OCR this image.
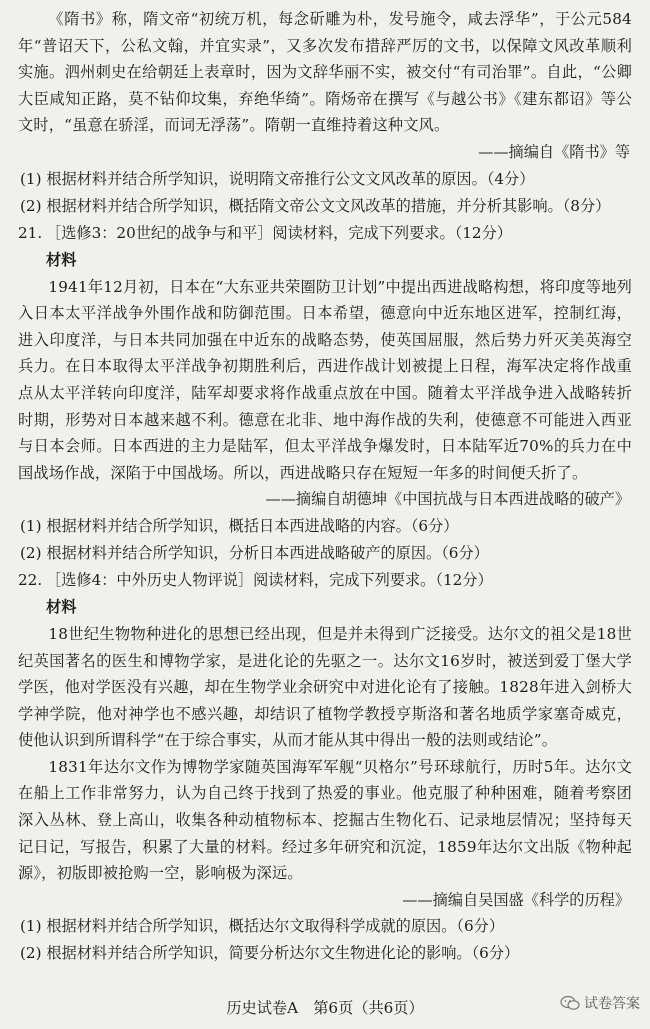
《隋书》称，隋文帝“初统万机，每念斫雕为朴，发号施令，咸去浮华”，于公元584年“普诏天下，公私文翰，并宜实录”，又多次发布措辞严厉的文书，以保障文风改革顺利实施。泗州刺史在给朝廷上表章时，因为文辞华丽不实，被交付“有司治罪”。自此，“公卿大臣咸知正路，莫不钻仰坟集，弃绝华绮”。隋炀帝在撰写《与越公书》《建东都诏》等公文时，“虽意在骄淫，而词无浮荡”。隋朝一直维持着这种文风。

——摘编自《隋书》等

(1) 根据材料并结合所学知识，说明隋文帝推行公文文风改革的原因。（4分）

(2) 根据材料并结合所学知识，概括隋文帝公文文风改革的措施，并分析其影响。（8分）

21. ［选修3：20世纪的战争与和平］阅读材料，完成下列要求。（12分）

材料

1941年12月初，日本在“大东亚共荣圈防卫计划”中提出西进战略构想，将印度等地列入日本太平洋战争外围作战和防御范围。日本希望，德意向中近东地区进军，控制红海，进入印度洋，与日本共同加强在中近东的战略态势，使英国屈服，然后势力歼灭美英海空兵力。在日本取得太平洋战争初期胜利后，西进作战计划被提上日程，海军决定将作战重点从太平洋转向印度洋，陆军却要求将作战重点放在中国。随着太平洋战争进入战略转折时期，形势对日本越来越不利。德意在北非、地中海作战的失利，使德意不可能进入西亚与日本会师。日本西进的主力是陆军，但太平洋战争爆发时，日本陆军近70%的兵力在中国战场作战，深陷于中国战场。所以，西进战略只存在短短一年多的时间便夭折了。

——摘编自胡德坤《中国抗战与日本西进战略的破产》

(1) 根据材料并结合所学知识，概括日本西进战略的内容。（6分）

(2) 根据材料并结合所学知识，分析日本西进战略破产的原因。（6分）

22. ［选修4：中外历史人物评说］阅读材料，完成下列要求。（12分）

材料

18世纪生物物种进化的思想已经出现，但是并未得到广泛接受。达尔文的祖父是18世纪英国著名的医生和博物学家，是进化论的先驱之一。达尔文16岁时，被送到爱丁堡大学学医，他对学医没有兴趣，却在生物学业余研究中对进化论有了接触。1828年进入剑桥大学神学院，他对神学也不感兴趣，却结识了植物学教授亨斯洛和著名地质学家塞奇威克，使他认识到所谓科学“在于综合事实，从而才能从其中得出一般的法则或结论”。

1831年达尔文作为博物学家随英国海军军舰“贝格尔”号环球航行，历时5年。达尔文在船上工作非常努力，认为自己终于找到了热爱的事业。他克服了种种困难，随着考察团深入丛林、登上高山，收集各种动植物标本、挖掘古生物化石、记录地层情况；坚持每天记日记，写报告，积累了大量的材料。经过多年研究和沉淀，1859年达尔文出版《物种起源》，初版即被抢购一空，影响极为深远。

——摘编自吴国盛《科学的历程》

(1) 根据材料并结合所学知识，概括达尔文取得科学成就的原因。（6分）

(2) 根据材料并结合所学知识，简要分析达尔文生物进化论的影响。（6分）

历史试卷A　第6页（共6页）	试卷答案
